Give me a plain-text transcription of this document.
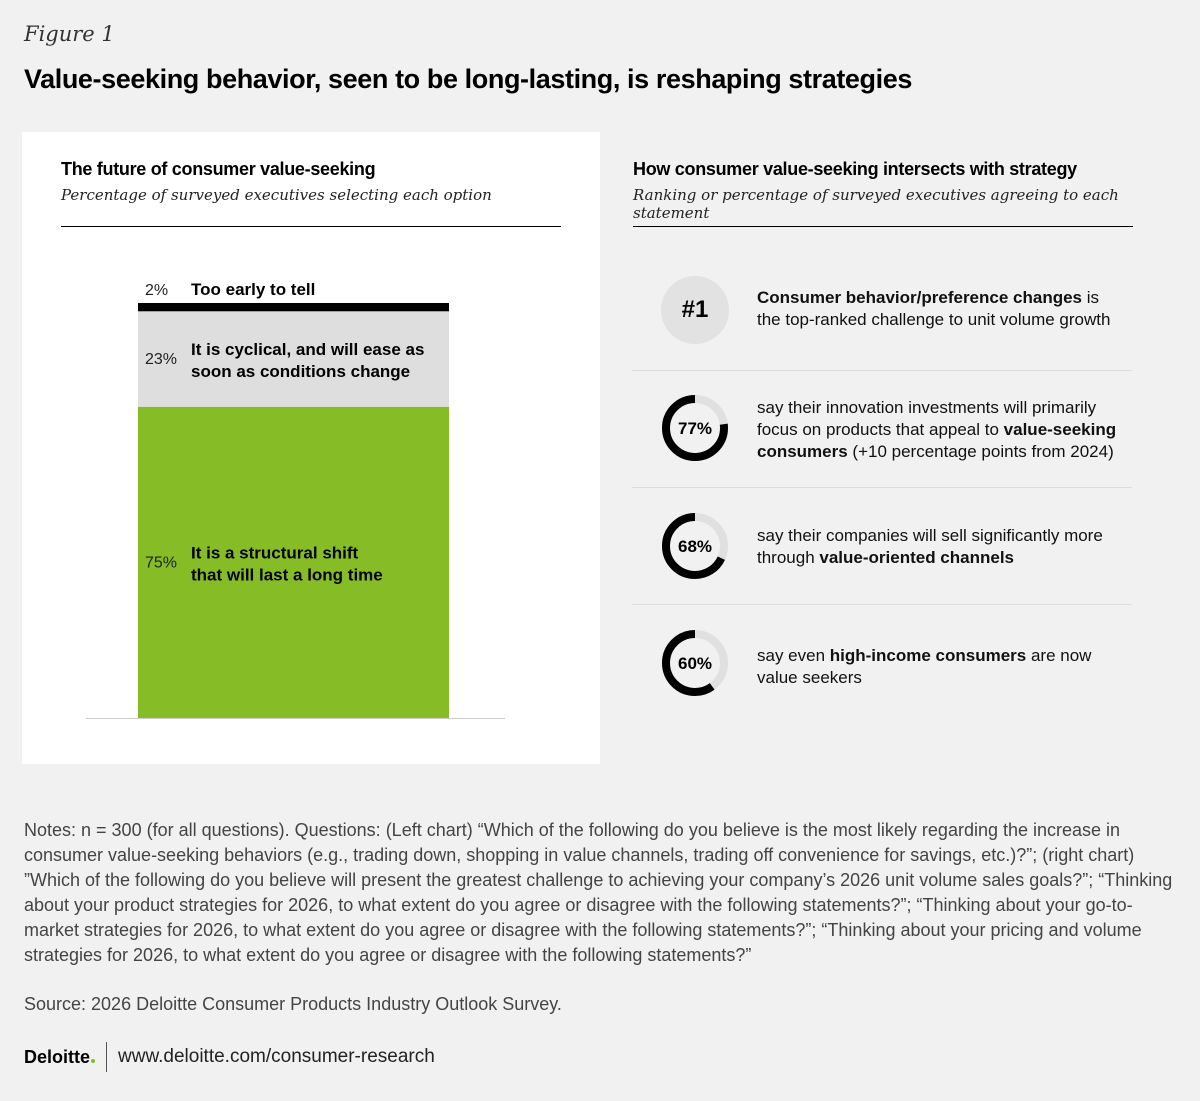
Figure 1
Value-seeking behavior, seen to be long-lasting, is reshaping strategies
The future of consumer value-seeking
Percentage of surveyed executives selecting each option
75%
It is a structural shift
that will last a long time
23%
It is cyclical, and will ease as
soon as conditions change
2% Too early to tell
How consumer value-seeking intersects with strategy
Ranking or percentage of surveyed executives agreeing to each statement
#1	Consumer behavior/preference changes is
the top-ranked challenge to unit volume growth
77%
say their innovation investments will primarily
focus on products that appeal to value-seeking
consumers (+10 percentage points from 2024)
68%
say their companies will sell significantly more
through value-oriented channels
60%	say even high-income consumers are now
value seekers
Notes: n = 300 (for all questions). Questions: (Left chart) “Which of the following do you believe is the most likely regarding the increase in consumer value-seeking behaviors (e.g., trading down, shopping in value channels, trading off convenience for savings, etc.)?”; (right chart) ”Which of the following do you believe will present the greatest challenge to achieving your company’s 2026 unit volume sales goals?”; “Thinking about your product strategies for 2026, to what extent do you agree or disagree with the following statements?”; “Thinking about your go-to-market strategies for 2026, to what extent do you agree or disagree with the following statements?”; “Thinking about your pricing and volume strategies for 2026, to what extent do you agree or disagree with the following statements?”
Source: 2026 Deloitte Consumer Products Industry Outlook Survey.
Deloitte www.deloitte.com/consumer-research
